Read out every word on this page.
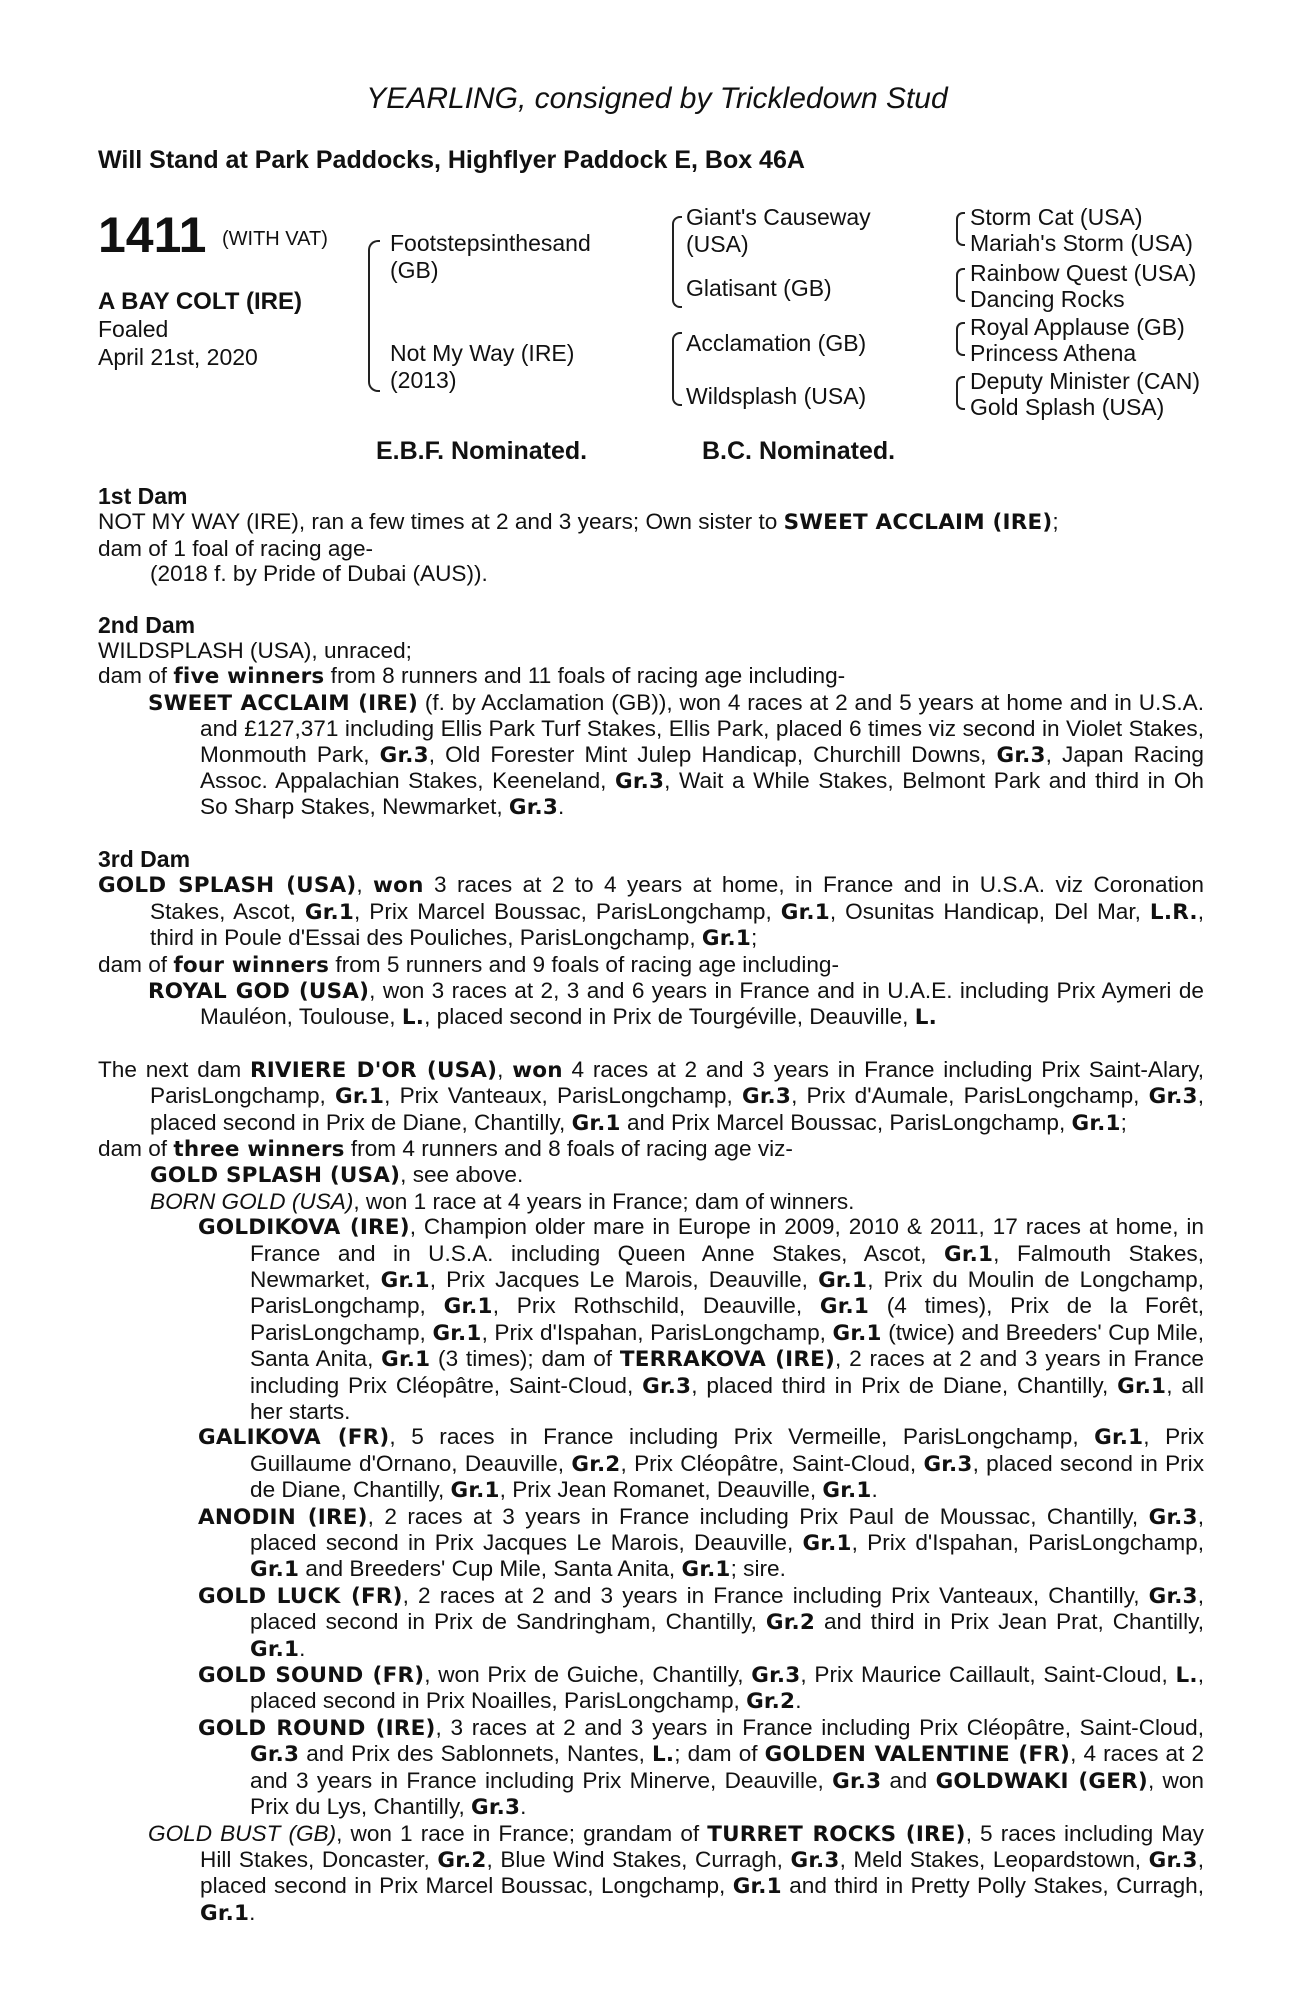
YEARLING, consigned by Trickledown Stud
Will Stand at Park Paddocks, Highflyer Paddock E, Box 46A
1411 (WITH VAT)
A BAY COLT (IRE)
Foaled
April 21st, 2020
Footstepsinthesand
(GB)
Not My Way (IRE)
(2013)
Giant's Causeway
(USA)
Glatisant (GB)
Acclamation (GB)
Wildsplash (USA)
Storm Cat (USA)
Mariah's Storm (USA)
Rainbow Quest (USA)
Dancing Rocks
Royal Applause (GB)
Princess Athena
Deputy Minister (CAN)
Gold Splash (USA)
E.B.F. Nominated.	B.C. Nominated.
1st Dam

NOT MY WAY (IRE), ran a few times at 2 and 3 years; Own sister to SWEET ACCLAIM (IRE);

dam of 1 foal of racing age-

(2018 f. by Pride of Dubai (AUS)).

2nd Dam

WILDSPLASH (USA), unraced;

dam of five winners from 8 runners and 11 foals of racing age including-

SWEET ACCLAIM (IRE) (f. by Acclamation (GB)), won 4 races at 2 and 5 years at home and in U.S.A. and £127,371 including Ellis Park Turf Stakes, Ellis Park, placed 6 times viz second in Violet Stakes, Monmouth Park, Gr.3, Old Forester Mint Julep Handicap, Churchill Downs, Gr.3, Japan Racing Assoc. Appalachian Stakes, Keeneland, Gr.3, Wait a While Stakes, Belmont Park and third in Oh So Sharp Stakes, Newmarket, Gr.3.

3rd Dam

GOLD SPLASH (USA), won 3 races at 2 to 4 years at home, in France and in U.S.A. viz Coronation Stakes, Ascot, Gr.1, Prix Marcel Boussac, ParisLongchamp, Gr.1, Osunitas Handicap, Del Mar, L.R., third in Poule d'Essai des Pouliches, ParisLongchamp, Gr.1;

dam of four winners from 5 runners and 9 foals of racing age including-

ROYAL GOD (USA), won 3 races at 2, 3 and 6 years in France and in U.A.E. including Prix Aymeri de Mauléon, Toulouse, L., placed second in Prix de Tourgéville, Deauville, L.

The next dam RIVIERE D'OR (USA), won 4 races at 2 and 3 years in France including Prix Saint-Alary, ParisLongchamp, Gr.1, Prix Vanteaux, ParisLongchamp, Gr.3, Prix d'Aumale, ParisLongchamp, Gr.3, placed second in Prix de Diane, Chantilly, Gr.1 and Prix Marcel Boussac, ParisLongchamp, Gr.1;

dam of three winners from 4 runners and 8 foals of racing age viz-

GOLD SPLASH (USA), see above.

BORN GOLD (USA), won 1 race at 4 years in France; dam of winners.

GOLDIKOVA (IRE), Champion older mare in Europe in 2009, 2010 & 2011, 17 races at home, in France and in U.S.A. including Queen Anne Stakes, Ascot, Gr.1, Falmouth Stakes, Newmarket, Gr.1, Prix Jacques Le Marois, Deauville, Gr.1, Prix du Moulin de Longchamp, ParisLongchamp, Gr.1, Prix Rothschild, Deauville, Gr.1 (4 times), Prix de la Forêt, ParisLongchamp, Gr.1, Prix d'Ispahan, ParisLongchamp, Gr.1 (twice) and Breeders' Cup Mile, Santa Anita, Gr.1 (3 times); dam of TERRAKOVA (IRE), 2 races at 2 and 3 years in France including Prix Cléopâtre, Saint-Cloud, Gr.3, placed third in Prix de Diane, Chantilly, Gr.1, all her starts.

GALIKOVA (FR), 5 races in France including Prix Vermeille, ParisLongchamp, Gr.1, Prix Guillaume d'Ornano, Deauville, Gr.2, Prix Cléopâtre, Saint-Cloud, Gr.3, placed second in Prix de Diane, Chantilly, Gr.1, Prix Jean Romanet, Deauville, Gr.1.

ANODIN (IRE), 2 races at 3 years in France including Prix Paul de Moussac, Chantilly, Gr.3, placed second in Prix Jacques Le Marois, Deauville, Gr.1, Prix d'Ispahan, ParisLongchamp, Gr.1 and Breeders' Cup Mile, Santa Anita, Gr.1; sire.

GOLD LUCK (FR), 2 races at 2 and 3 years in France including Prix Vanteaux, Chantilly, Gr.3, placed second in Prix de Sandringham, Chantilly, Gr.2 and third in Prix Jean Prat, Chantilly, Gr.1.

GOLD SOUND (FR), won Prix de Guiche, Chantilly, Gr.3, Prix Maurice Caillault, Saint-Cloud, L., placed second in Prix Noailles, ParisLongchamp, Gr.2.

GOLD ROUND (IRE), 3 races at 2 and 3 years in France including Prix Cléopâtre, Saint-Cloud, Gr.3 and Prix des Sablonnets, Nantes, L.; dam of GOLDEN VALENTINE (FR), 4 races at 2 and 3 years in France including Prix Minerve, Deauville, Gr.3 and GOLDWAKI (GER), won Prix du Lys, Chantilly, Gr.3.

GOLD BUST (GB), won 1 race in France; grandam of TURRET ROCKS (IRE), 5 races including May Hill Stakes, Doncaster, Gr.2, Blue Wind Stakes, Curragh, Gr.3, Meld Stakes, Leopardstown, Gr.3, placed second in Prix Marcel Boussac, Longchamp, Gr.1 and third in Pretty Polly Stakes, Curragh, Gr.1.
